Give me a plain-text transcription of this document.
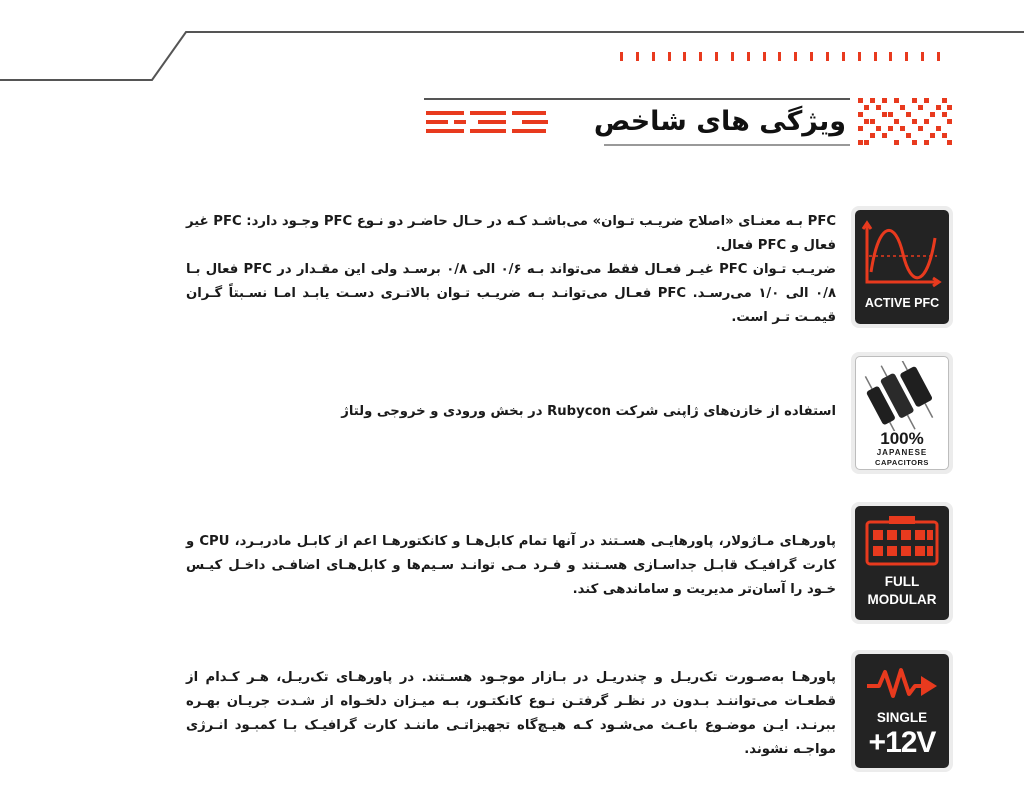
ویژگی های شاخص
ACTIVE PFC

PFC بـه معنـای «اصلاح ضریـب تـوان» می‌باشـد کـه در حـال حاضـر دو نـوع PFC وجـود دارد: PFC غیر فعال و PFC فعال.

ضریـب تـوان PFC غیـر فعـال فقط می‌تواند بـه ۰/۶ الی ۰/۸ برسـد ولی این مقـدار در PFC فعال بـا ۰/۸ الی ۱/۰ می‌رسـد. PFC فعـال می‌توانـد بـه ضریـب تـوان بالاتـری دسـت یابـد امـا نسـبتاً گـران قیمـت تـر است.

100%
JAPANESE
CAPACITORS

استفاده از خازن‌های ژاپنی شرکت Rubycon در بخش ورودی و خروجی ولتاژ

FULL
MODULAR

پاورهـای مـاژولار، پاورهایـی هسـتند در آنها تمام کابل‌هـا و کانکتورهـا اعم از کابـل مادربـرد، CPU و کارت گرافیـک قابـل جداسـازی هسـتند و فـرد مـی توانـد سـیم‌ها و کابل‌هـای اضافـی داخـل کیـس خـود را آسان‌تر مدیریت و ساماندهی کند.

SINGLE
+12V

پاورهـا به‌صـورت تک‌ریـل و چندریـل در بـازار موجـود هسـتند. در پاورهـای تک‌ریـل، هـر کـدام از قطعـات می‌تواننـد بـدون در نظـر گرفتـن نـوع کانکتـور، بـه میـزان دلخـواه از شـدت جریـان بهـره ببرنـد. ایـن موضـوع باعـث می‌شـود کـه هیـچ‌گاه تجهیزاتـی ماننـد کارت گرافیـک بـا کمبـود انـرژی مواجـه نشوند.
